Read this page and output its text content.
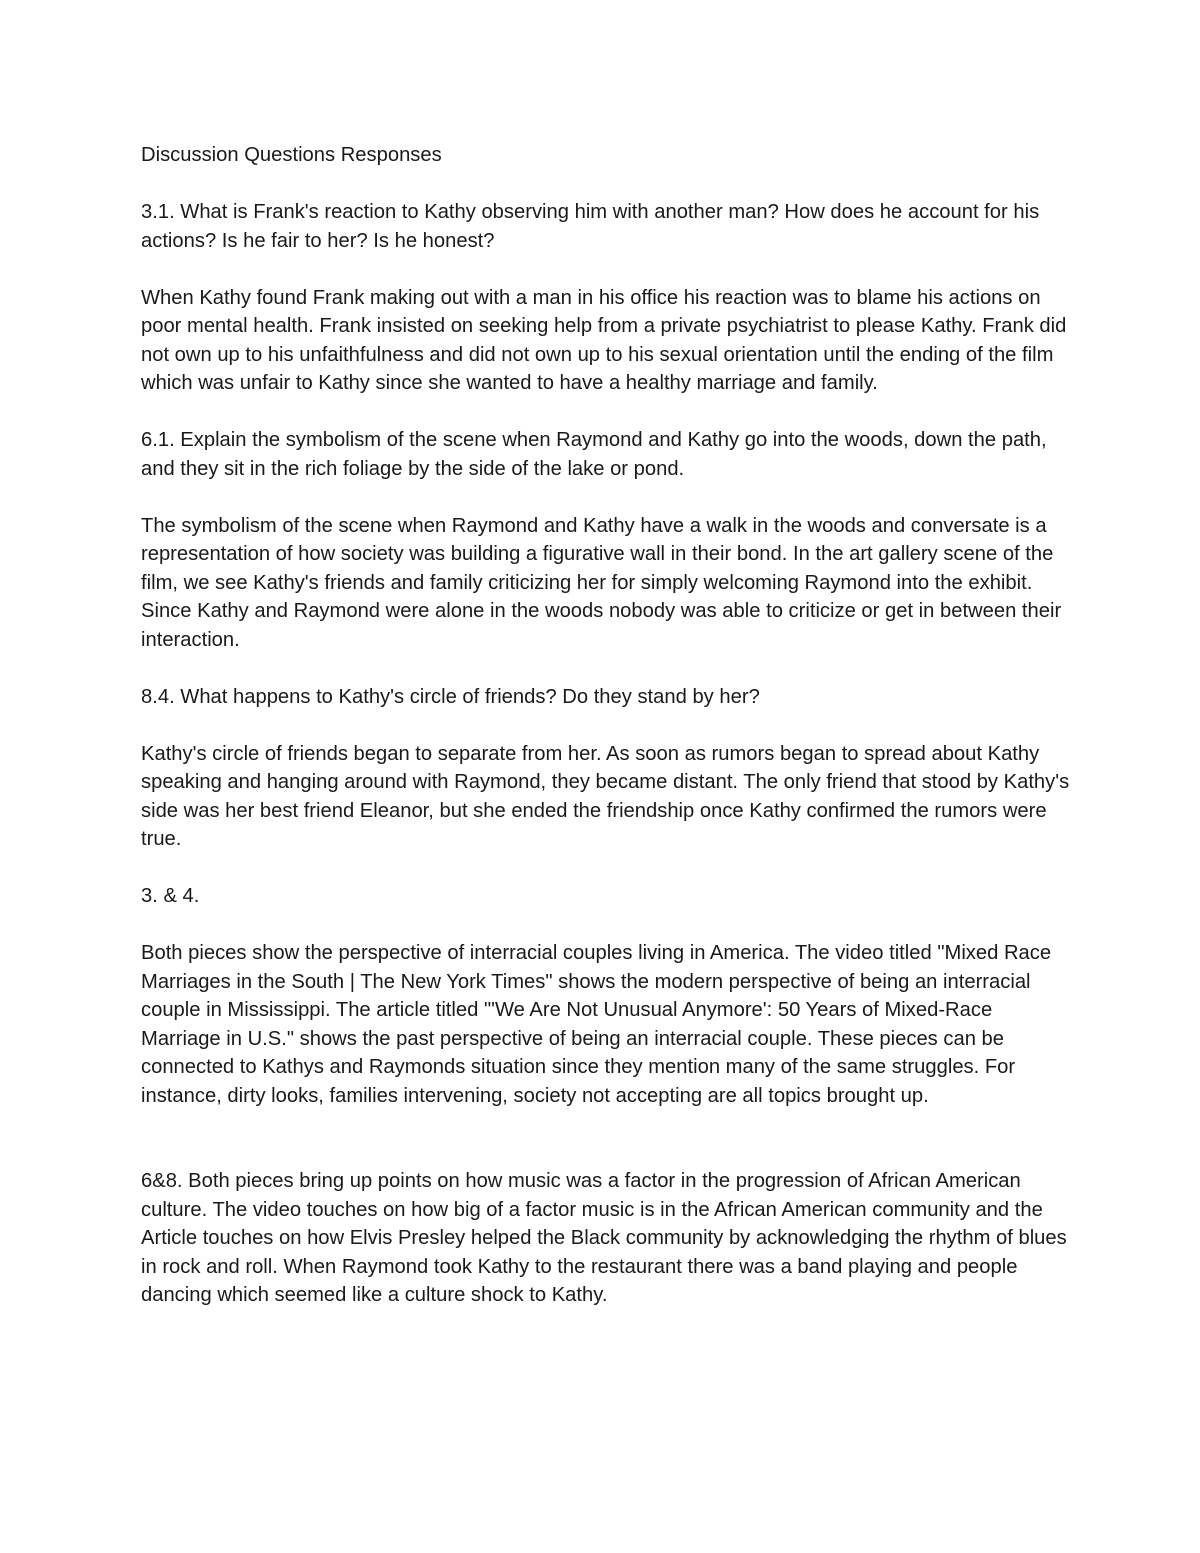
Discussion Questions Responses

3.1. What is Frank's reaction to Kathy observing him with another man? How does he account for his actions? Is he fair to her? Is he honest?

When Kathy found Frank making out with a man in his office his reaction was to blame his actions on poor mental health. Frank insisted on seeking help from a private psychiatrist to please Kathy. Frank did not own up to his unfaithfulness and did not own up to his sexual orientation until the ending of the film which was unfair to Kathy since she wanted to have a healthy marriage and family.

6.1. Explain the symbolism of the scene when Raymond and Kathy go into the woods, down the path, and they sit in the rich foliage by the side of the lake or pond.

The symbolism of the scene when Raymond and Kathy have a walk in the woods and conversate is a representation of how society was building a figurative wall in their bond. In the art gallery scene of the film, we see Kathy's friends and family criticizing her for simply welcoming Raymond into the exhibit. Since Kathy and Raymond were alone in the woods nobody was able to criticize or get in between their interaction.

8.4. What happens to Kathy's circle of friends? Do they stand by her?

Kathy's circle of friends began to separate from her. As soon as rumors began to spread about Kathy speaking and hanging around with Raymond, they became distant. The only friend that stood by Kathy's side was her best friend Eleanor, but she ended the friendship once Kathy confirmed the rumors were true.

3. & 4.

Both pieces show the perspective of interracial couples living in America. The video titled "Mixed Race Marriages in the South | The New York Times" shows the modern perspective of being an interracial couple in Mississippi. The article titled "'We Are Not Unusual Anymore': 50 Years of Mixed-Race Marriage in U.S." shows the past perspective of being an interracial couple. These pieces can be connected to Kathys and Raymonds situation since they mention many of the same struggles. For instance, dirty looks, families intervening, society not accepting are all topics brought up.

6&8. Both pieces bring up points on how music was a factor in the progression of African American culture. The video touches on how big of a factor music is in the African American community and the Article touches on how Elvis Presley helped the Black community by acknowledging the rhythm of blues in rock and roll. When Raymond took Kathy to the restaurant there was a band playing and people dancing which seemed like a culture shock to Kathy.
